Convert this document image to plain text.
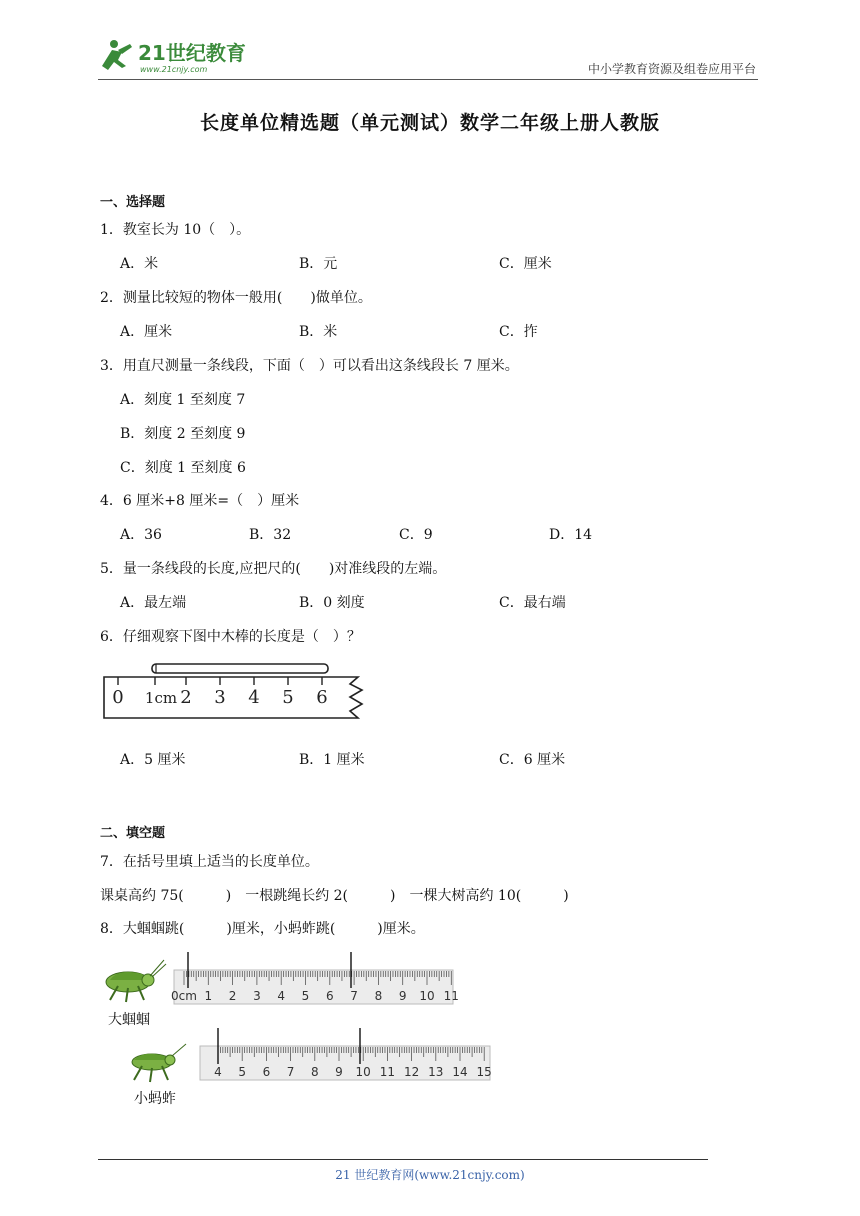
21世纪教育
www.21cnjy.com	中小学教育资源及组卷应用平台
长度单位精选题（单元测试）数学二年级上册人教版
一、选择题
1．教室长为 10（　）。
A．米	B．元	C．厘米
2．测量比较短的物体一般用(　　)做单位。
A．厘米	B．米	C．拃
3．用直尺测量一条线段，下面（　）可以看出这条线段长 7 厘米。
A．刻度 1 至刻度 7
B．刻度 2 至刻度 9
C．刻度 1 至刻度 6
4．6 厘米+8 厘米=（　）厘米
A．36	B．32	C．9	D．14
5．量一条线段的长度,应把尺的(　　)对准线段的左端。
A．最左端	B．0 刻度	C．最右端
6．仔细观察下图中木棒的长度是（　）？
0 1cm 2 3 4 5 6
A．5 厘米	B．1 厘米	C．6 厘米
二、填空题
7．在括号里填上适当的长度单位。
课桌高约 75(　　　)　一根跳绳长约 2(　　　)　一棵大树高约 10(　　　)
8．大蝈蝈跳(　　　)厘米，小蚂蚱跳(　　　)厘米。
大蝈蝈
0cm 1 2 3 4 5 6 7 8 9 10 11
小蚂蚱
4 5 6 7 8 9 10 11 12 13 14 15
21 世纪教育网(www.21cnjy.com)
